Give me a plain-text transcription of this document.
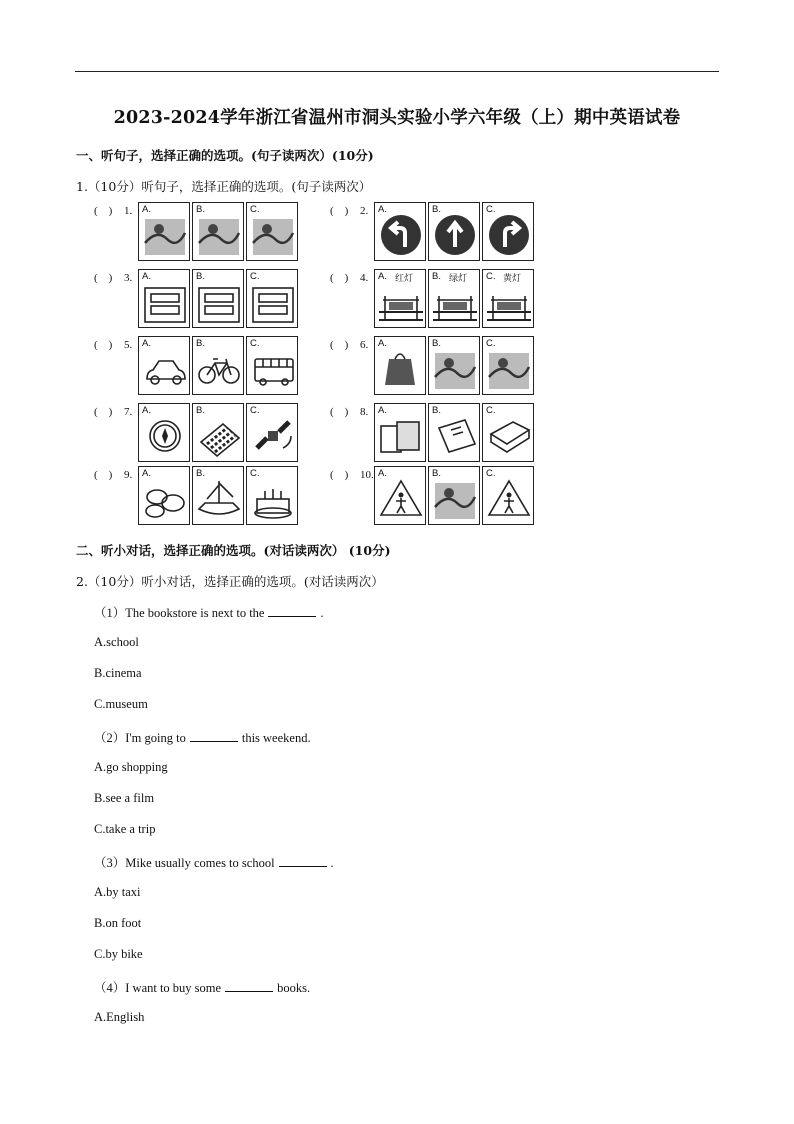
2023-2024学年浙江省温州市洞头实验小学六年级（上）期中英语试卷
一、听句子，选择正确的选项。(句子读两次）(10分)
1.（10分）听句子，选择正确的选项。(句子读两次）
(    ) 1. A.	B.	C.	(    ) 2. A.	B.	C.
(    ) 3. A.	B.	C.	(    ) 4. A. 红灯 B. 绿灯 C. 黄灯
(    ) 5. A.	B.	C.	(    ) 6. A.	B.	C.
(    ) 7. A.	B.	C.	(    ) 8. A.	B.	C.
(    ) 9. A.	B.	C.	(    ) 10. A.	B.	C.
二、听小对话，选择正确的选项。(对话读两次） (10分)
2.（10分）听小对话，选择正确的选项。(对话读两次）
（1）The bookstore is next to the	.
A.school
B.cinema
C.museum
（2）I'm going to	this weekend.
A.go shopping
B.see a film
C.take a trip
（3）Mike usually comes to school	.
A.by taxi
B.on foot
C.by bike
（4）I want to buy some	books.
A.English
